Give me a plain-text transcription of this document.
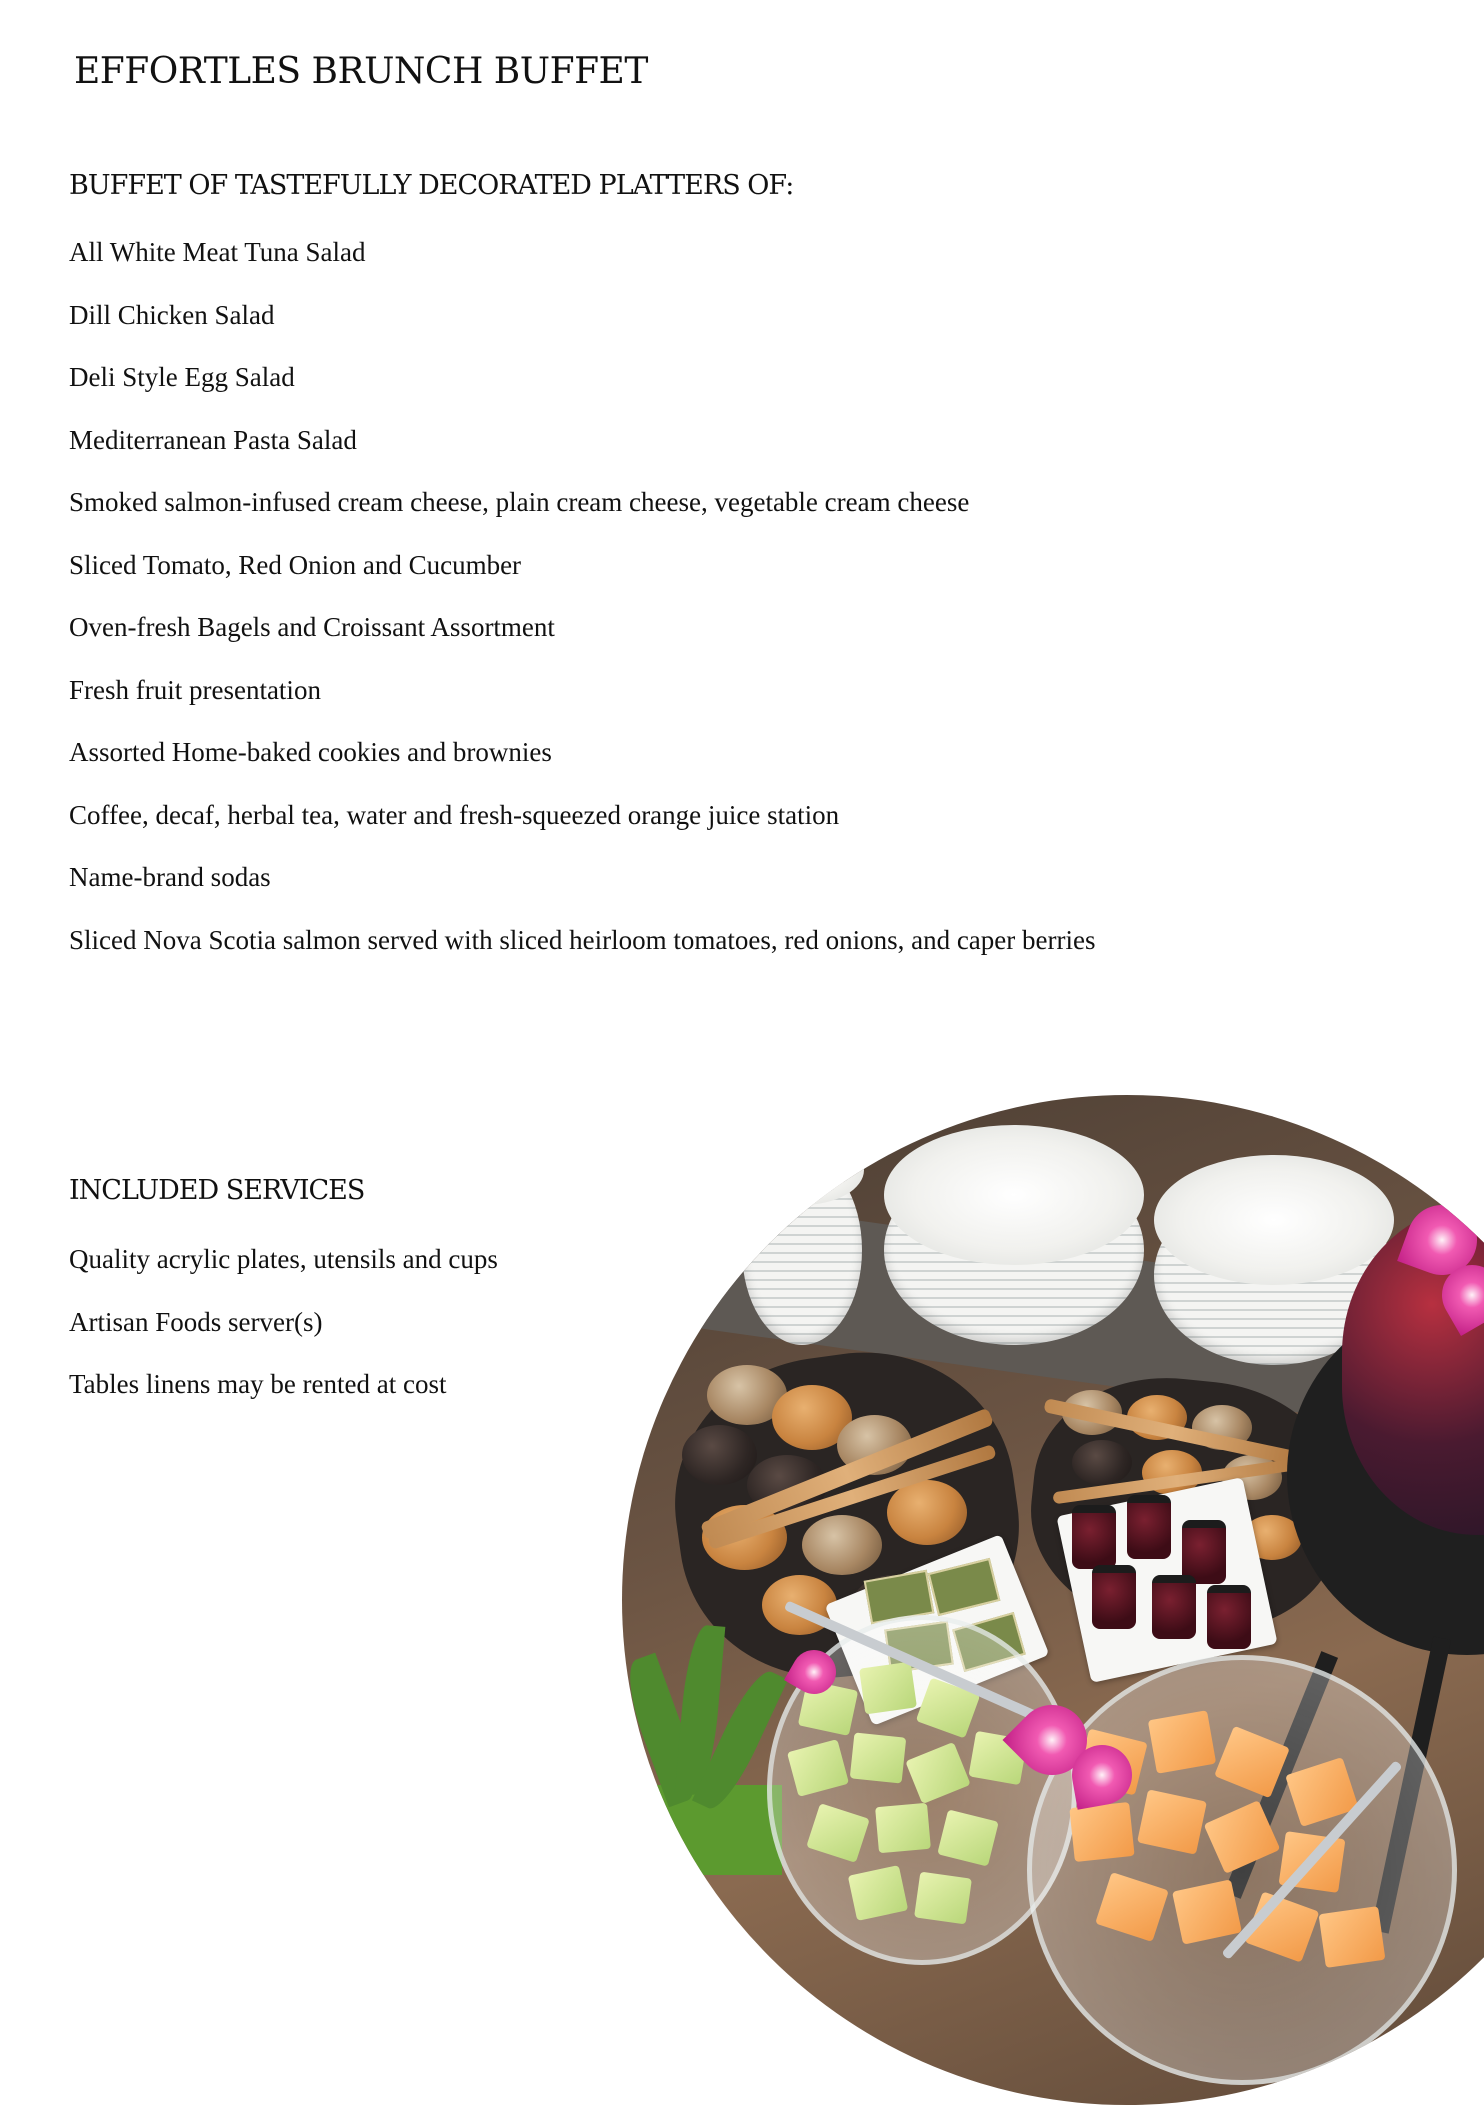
EFFORTLES BRUNCH BUFFET
BUFFET OF TASTEFULLY DECORATED PLATTERS OF:
All White Meat Tuna Salad
Dill Chicken Salad
Deli Style Egg Salad
Mediterranean Pasta Salad
Smoked salmon-infused cream cheese, plain cream cheese, vegetable cream cheese
Sliced Tomato, Red Onion and Cucumber
Oven-fresh Bagels and Croissant Assortment
Fresh fruit presentation
Assorted Home-baked cookies and brownies
Coffee, decaf, herbal tea, water and fresh-squeezed orange juice station
Name-brand sodas
Sliced Nova Scotia salmon served with sliced heirloom tomatoes, red onions, and caper berries
INCLUDED SERVICES
Quality acrylic plates, utensils and cups
Artisan Foods server(s)
Tables linens may be rented at cost
